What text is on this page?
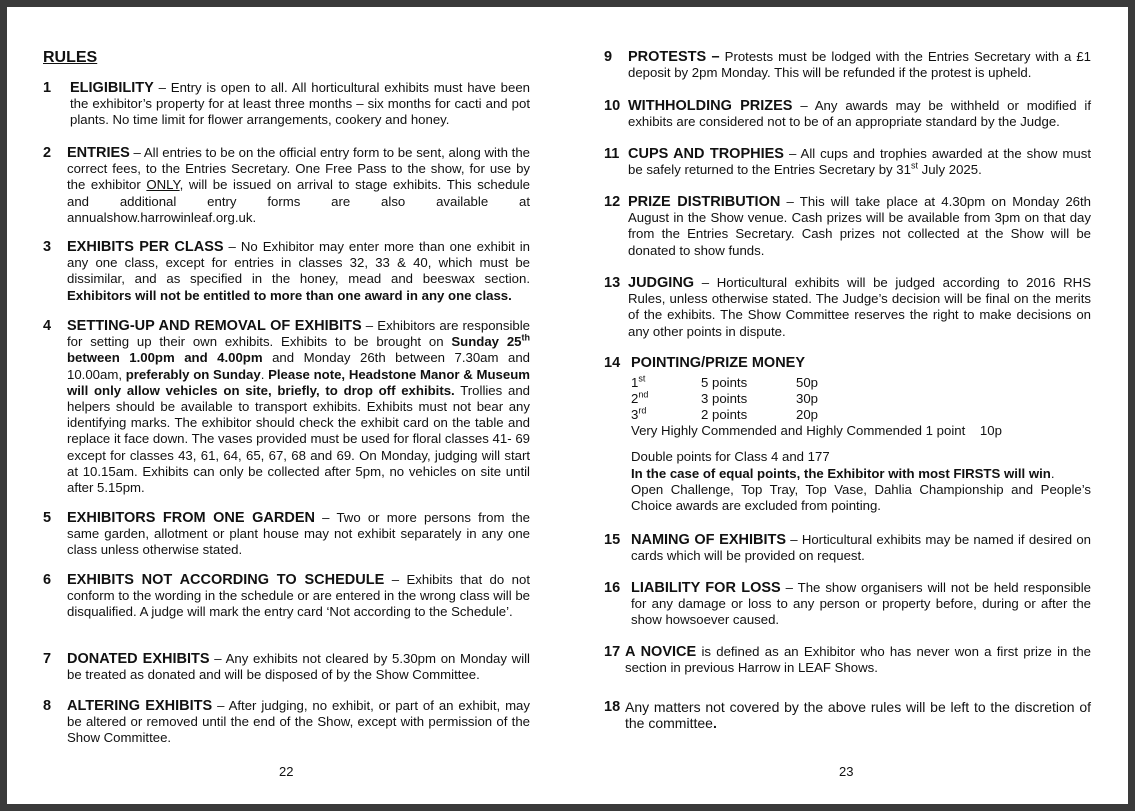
RULES
1 ELIGIBILITY – Entry is open to all. All horticultural exhibits must have been the exhibitor’s property for at least three months – six months for cacti and pot plants. No time limit for flower arrangements, cookery and honey.
2 ENTRIES – All entries to be on the official entry form to be sent, along with the correct fees, to the Entries Secretary. One Free Pass to the show, for use by the exhibitor ONLY, will be issued on arrival to stage exhibits. This schedule and additional entry forms are also available at annualshow.harrowinleaf.org.uk.
3 EXHIBITS PER CLASS – No Exhibitor may enter more than one exhibit in any one class, except for entries in classes 32, 33 & 40, which must be dissimilar, and as specified in the honey, mead and beeswax section. Exhibitors will not be entitled to more than one award in any one class.
4 SETTING-UP AND REMOVAL OF EXHIBITS – Exhibitors are responsible for setting up their own exhibits. Exhibits to be brought on Sunday 25th between 1.00pm and 4.00pm and Monday 26th between 7.30am and 10.00am, preferably on Sunday. Please note, Headstone Manor & Museum will only allow vehicles on site, briefly, to drop off exhibits. Trollies and helpers should be available to transport exhibits. Exhibits must not bear any identifying marks. The exhibitor should check the exhibit card on the table and replace it face down. The vases provided must be used for floral classes 41- 69 except for classes 43, 61, 64, 65, 67, 68 and 69. On Monday, judging will start at 10.15am. Exhibits can only be collected after 5pm, no vehicles on site until after 5.15pm.
5 EXHIBITORS FROM ONE GARDEN – Two or more persons from the same garden, allotment or plant house may not exhibit separately in any one class unless otherwise stated.
6 EXHIBITS NOT ACCORDING TO SCHEDULE – Exhibits that do not conform to the wording in the schedule or are entered in the wrong class will be disqualified. A judge will mark the entry card ‘Not according to the Schedule’.
7 DONATED EXHIBITS – Any exhibits not cleared by 5.30pm on Monday will be treated as donated and will be disposed of by the Show Committee.
8 ALTERING EXHIBITS – After judging, no exhibit, or part of an exhibit, may be altered or removed until the end of the Show, except with permission of the Show Committee.
22
9 PROTESTS – Protests must be lodged with the Entries Secretary with a £1 deposit by 2pm Monday. This will be refunded if the protest is upheld.
10 WITHHOLDING PRIZES – Any awards may be withheld or modified if exhibits are considered not to be of an appropriate standard by the Judge.
11 CUPS AND TROPHIES – All cups and trophies awarded at the show must be safely returned to the Entries Secretary by 31st July 2025.
12 PRIZE DISTRIBUTION – This will take place at 4.30pm on Monday 26th August in the Show venue. Cash prizes will be available from 3pm on that day from the Entries Secretary. Cash prizes not collected at the Show will be donated to show funds.
13 JUDGING – Horticultural exhibits will be judged according to 2016 RHS Rules, unless otherwise stated. The Judge’s decision will be final on the merits of the exhibits. The Show Committee reserves the right to make decisions on any other points in dispute.
14 POINTING/PRIZE MONEY
1st	5 points	50p
2nd	3 points	30p
3rd	2 points	20p
Very Highly Commended and Highly Commended 1 point    10p
Double points for Class 4 and 177
In the case of equal points, the Exhibitor with most FIRSTS will win.
Open Challenge, Top Tray, Top Vase, Dahlia Championship and People’s Choice awards are excluded from pointing.
15 NAMING OF EXHIBITS – Horticultural exhibits may be named if desired on cards which will be provided on request.
16 LIABILITY FOR LOSS – The show organisers will not be held responsible for any damage or loss to any person or property before, during or after the show howsoever caused.
17 A NOVICE is defined as an Exhibitor who has never won a first prize in the section in previous Harrow in LEAF Shows.
18 Any matters not covered by the above rules will be left to the discretion of the committee.
23
